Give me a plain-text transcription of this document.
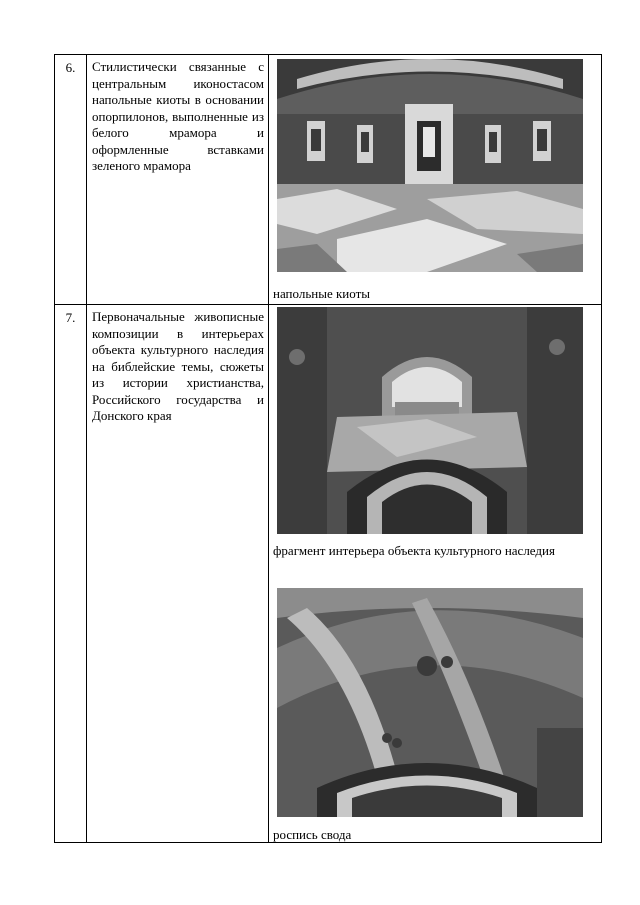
6.	Стилистически связанные с центральным иконостасом напольные киоты в основании опорпилонов, выполненные из белого мрамора и оформленные вставками зеленого мрамора	напольные киоты

7.	Первоначальные живописные композиции в интерьерах объекта культурного наследия на библейские темы, сюжеты из истории христианства, Российского государства и Донского края	фрагмент интерьера объекта культурного наследия
роспись свода
